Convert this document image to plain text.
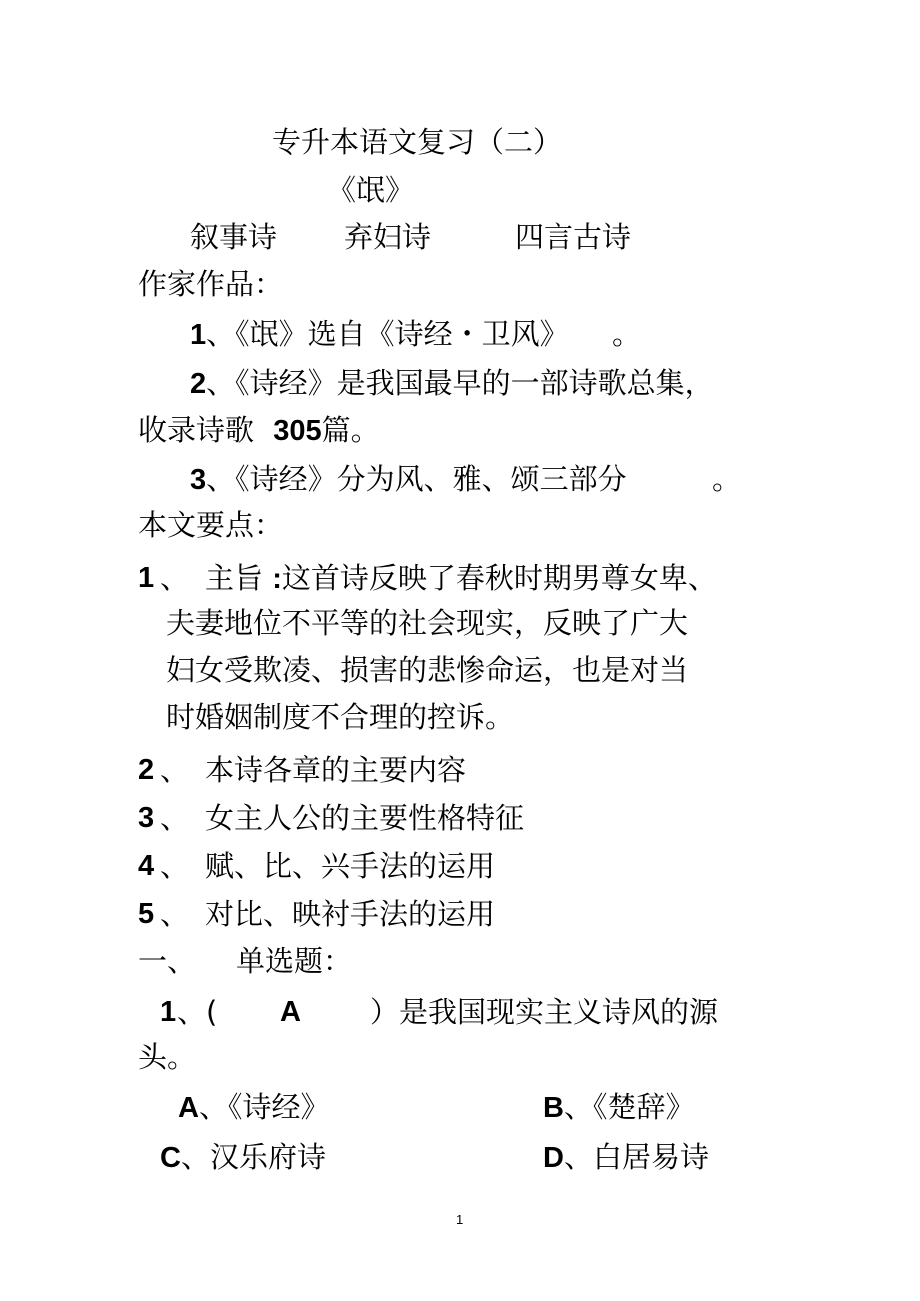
专升本语文复习（二）
《氓》
叙事诗 弃妇诗	四言古诗
作家作品：
1、《氓》选自《诗经・卫风》 。
2、《诗经》是我国最早的一部诗歌总集，
收录诗歌 305篇。
3、《诗经》分为风、雅、颂三部分	。
本文要点：
1 、 主旨 :这首诗反映了春秋时期男尊女卑、
夫妻地位不平等的社会现实，反映了广大
妇女受欺凌、损害的悲惨命运，也是对当
时婚姻制度不合理的控诉。
2 、 本诗各章的主要内容
3 、 女主人公的主要性格特征
4 、 赋、比、兴手法的运用
5 、 对比、映衬手法的运用
一、 单选题：
1 、( A ）是我国现实主义诗风的源
头。
A、《诗经》	B、《楚辞》
C、汉乐府诗	D、白居易诗
1
